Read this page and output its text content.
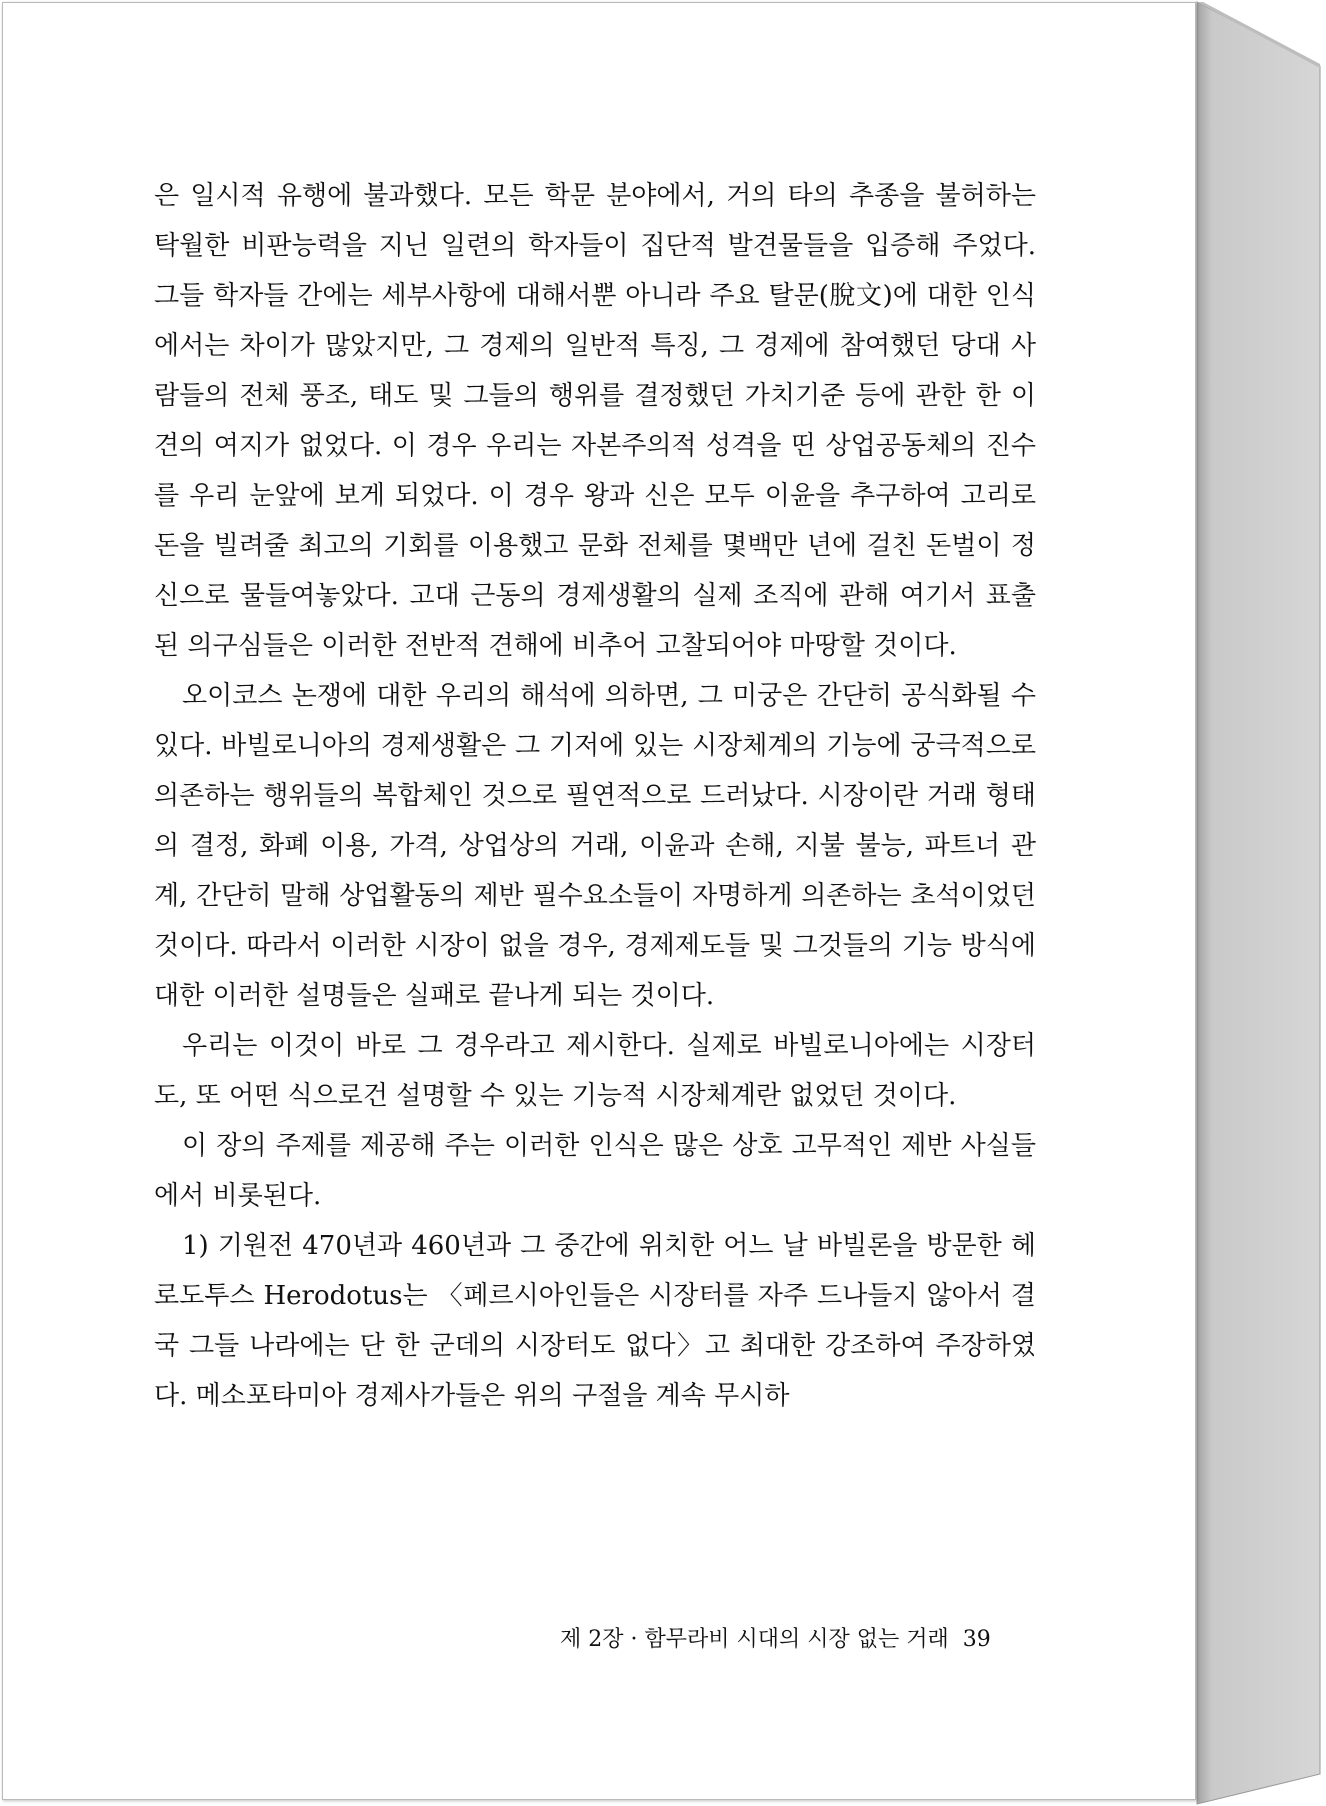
은 일시적 유행에 불과했다. 모든 학문 분야에서, 거의 타의 추종을 불허하는 탁월한 비판능력을 지닌 일련의 학자들이 집단적 발견물들을 입증해 주었다. 그들 학자들 간에는 세부사항에 대해서뿐 아니라 주요 탈문(脫文)에 대한 인식에서는 차이가 많았지만, 그 경제의 일반적 특징, 그 경제에 참여했던 당대 사람들의 전체 풍조, 태도 및 그들의 행위를 결정했던 가치기준 등에 관한 한 이견의 여지가 없었다. 이 경우 우리는 자본주의적 성격을 띤 상업공동체의 진수를 우리 눈앞에 보게 되었다. 이 경우 왕과 신은 모두 이윤을 추구하여 고리로 돈을 빌려줄 최고의 기회를 이용했고 문화 전체를 몇백만 년에 걸친 돈벌이 정신으로 물들여놓았다. 고대 근동의 경제생활의 실제 조직에 관해 여기서 표출된 의구심들은 이러한 전반적 견해에 비추어 고찰되어야 마땅할 것이다.

오이코스 논쟁에 대한 우리의 해석에 의하면, 그 미궁은 간단히 공식화될 수 있다. 바빌로니아의 경제생활은 그 기저에 있는 시장체계의 기능에 궁극적으로 의존하는 행위들의 복합체인 것으로 필연적으로 드러났다. 시장이란 거래 형태의 결정, 화폐 이용, 가격, 상업상의 거래, 이윤과 손해, 지불 불능, 파트너 관계, 간단히 말해 상업활동의 제반 필수요소들이 자명하게 의존하는 초석이었던 것이다. 따라서 이러한 시장이 없을 경우, 경제제도들 및 그것들의 기능 방식에 대한 이러한 설명들은 실패로 끝나게 되는 것이다.

우리는 이것이 바로 그 경우라고 제시한다. 실제로 바빌로니아에는 시장터도, 또 어떤 식으로건 설명할 수 있는 기능적 시장체계란 없었던 것이다.

이 장의 주제를 제공해 주는 이러한 인식은 많은 상호 고무적인 제반 사실들에서 비롯된다.

1) 기원전 470년과 460년과 그 중간에 위치한 어느 날 바빌론을 방문한 헤로도투스 Herodotus는 〈페르시아인들은 시장터를 자주 드나들지 않아서 결국 그들 나라에는 단 한 군데의 시장터도 없다〉고 최대한 강조하여 주장하였다. 메소포타미아 경제사가들은 위의 구절을 계속 무시하

제 2장 · 함무라비 시대의 시장 없는 거래 39
